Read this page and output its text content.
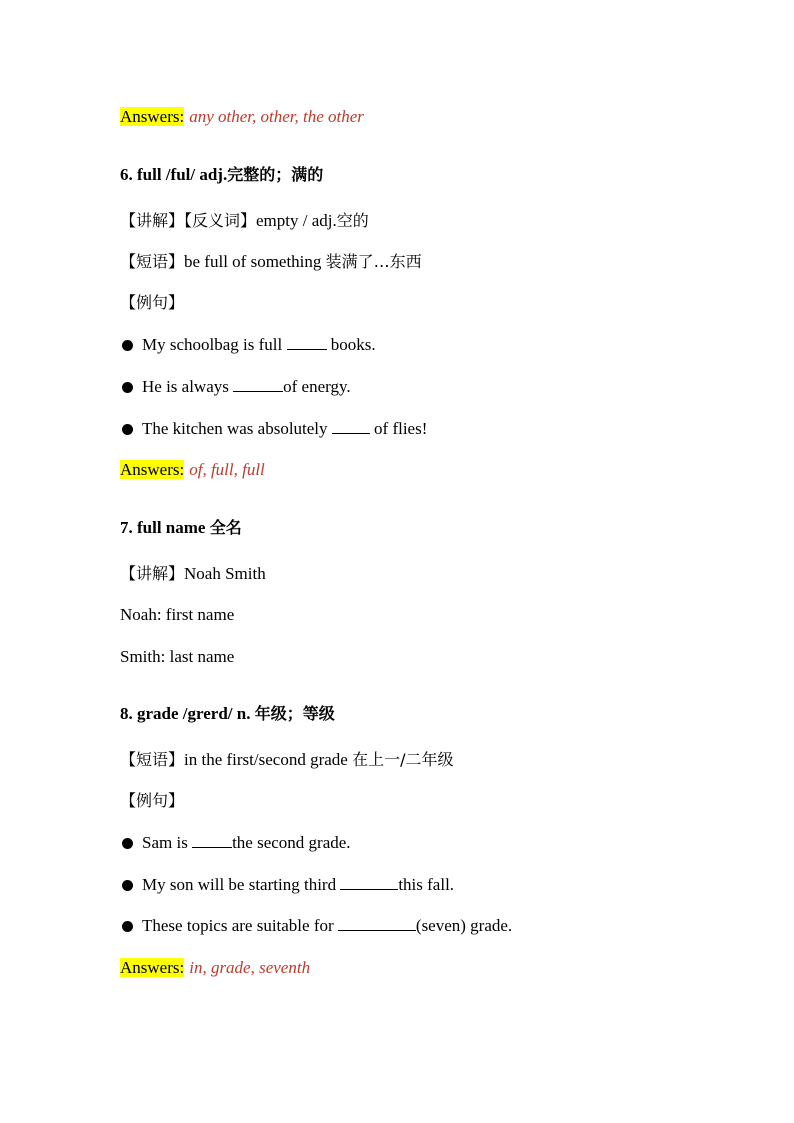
Answers: any other, other, the other
6. full /ful/ adj.完整的；满的
【讲解】【反义词】empty / adj.空的
【短语】be full of something 装满了…东西
【例句】
My schoolbag is full  books.
He is always	of energy.
The kitchen was absolutely  of flies!
Answers: of, full, full
7. full name 全名
【讲解】Noah Smith
Noah: first name
Smith: last name
8. grade /grerd/ n. 年级；等级
【短语】in the first/second grade 在上一/二年级
【例句】
Sam is the second grade.
My son will be starting third	this fall.
These topics are suitable for	(seven) grade.
Answers: in, grade, seventh
